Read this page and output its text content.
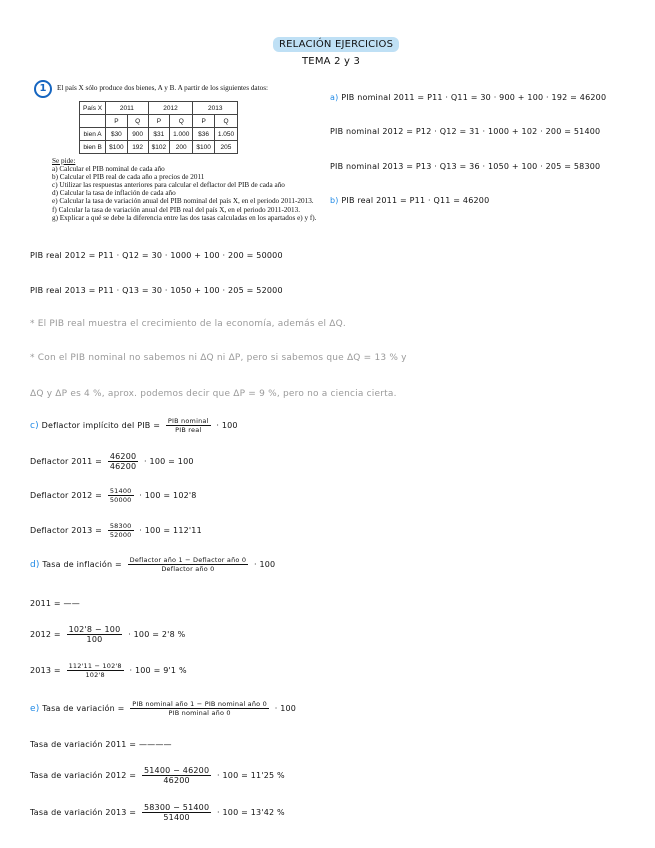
RELACIÓN EJERCICIOS
TEMA 2 y 3
1	El país X sólo produce dos bienes, A y B. A partir de los siguientes datos:
País X	2011		2012		2013	
	P	Q	P	Q	P	Q
bien A	$30	900	$31	1.000	$36	1.050
bien B	$100	192	$102	200	$100	205
Se pide:
a) Calcular el PIB nominal de cada año
b) Calcular el PIB real de cada año a precios de 2011
c) Utilizar las respuestas anteriores para calcular el deflactor del PIB de cada año
d) Calcular la tasa de inflación de cada año
e) Calcular la tasa de variación anual del PIB nominal del país X, en el periodo 2011-2013.
f) Calcular la tasa de variación anual del PIB real del país X, en el periodo 2011-2013.
g) Explicar a qué se debe la diferencia entre las dos tasas calculadas en los apartados e) y f).
a) PIB nominal 2011 = P11 · Q11 = 30 · 900 + 100 · 192 = 46200
PIB nominal 2012 = P12 · Q12 = 31 · 1000 + 102 · 200 = 51400
PIB nominal 2013 = P13 · Q13 = 36 · 1050 + 100 · 205 = 58300
b) PIB real 2011 = P11 · Q11 = 46200
PIB real 2012 = P11 · Q12 = 30 · 1000 + 100 · 200 = 50000
PIB real 2013 = P11 · Q13 = 30 · 1050 + 100 · 205 = 52000
* El PIB real muestra el crecimiento de la economía, además el ΔQ.
* Con el PIB nominal no sabemos ni ΔQ ni ΔP, pero si sabemos que ΔQ = 13 % y
ΔQ y ΔP es 4 %, aprox. podemos decir que ΔP = 9 %, pero no a ciencia cierta.
c) Deflactor implícito del PIB = $\frac{\text{PIB nominal}}{\text{PIB real}} \cdot 100$
Deflactor $2011 = \frac{46200}{46200} \cdot 100 = 100$
Deflactor $2012 = \frac{51400}{50000} \cdot 100 = 102'8$
Deflactor $2013 = \frac{58300}{52000} \cdot 100 = 112'11$
d) Tasa de inflación = $\frac{\text{Deflactor año 1 − Deflactor año 0}}{\text{Deflactor año 0}} \cdot 100$
2011 = ——
$2012 = \frac{102'8 - 100}{100} \cdot 100 = 2'8$ %
$2013 = \frac{112'11 - 102'8}{102'8} \cdot 100 = 9'1$ %
e) Tasa de variación = $\frac{\text{PIB nominal año 1 − PIB nominal año 0}}{\text{PIB nominal año 0}} \cdot 100$
Tasa de variación 2011 = ————
Tasa de variación $2012 = \frac{51400 - 46200}{46200} \cdot 100 = 11'25$ %
Tasa de variación $2013 = \frac{58300 - 51400}{51400} \cdot 100 = 13'42$ %
